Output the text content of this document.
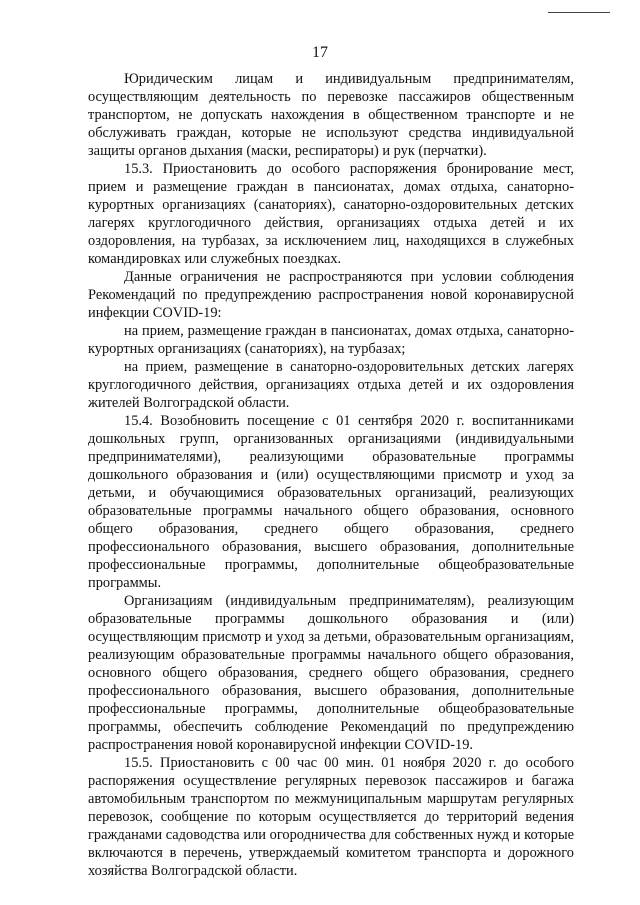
17

Юридическим лицам и индивидуальным предпринимателям, осуществляющим деятельность по перевозке пассажиров общественным транспортом, не допускать нахождения в общественном транспорте и не обслуживать граждан, которые не используют средства индивидуальной защиты органов дыхания (маски, респираторы) и рук (перчатки).

15.3. Приостановить до особого распоряжения бронирование мест, прием и размещение граждан в пансионатах, домах отдыха, санаторно-курортных организациях (санаториях), санаторно-оздоровительных детских лагерях круглогодичного действия, организациях отдыха детей и их оздоровления, на турбазах, за исключением лиц, находящихся в служебных командировках или служебных поездках.

Данные ограничения не распространяются при условии соблюдения Рекомендаций по предупреждению распространения новой коронавирусной инфекции COVID-19:

на прием, размещение граждан в пансионатах, домах отдыха, санаторно-курортных организациях (санаториях), на турбазах;

на прием, размещение в санаторно-оздоровительных детских лагерях круглогодичного действия, организациях отдыха детей и их оздоровления жителей Волгоградской области.

15.4. Возобновить посещение с 01 сентября 2020 г. воспитанниками дошкольных групп, организованных организациями (индивидуальными предпринимателями), реализующими образовательные программы дошкольного образования и (или) осуществляющими присмотр и уход за детьми, и обучающимися образовательных организаций, реализующих образовательные программы начального общего образования, основного общего образования, среднего общего образования, среднего профессионального образования, высшего образования, дополнительные профессиональные программы, дополнительные общеобразовательные программы.

Организациям (индивидуальным предпринимателям), реализующим образовательные программы дошкольного образования и (или) осуществляющим присмотр и уход за детьми, образовательным организациям, реализующим образовательные программы начального общего образования, основного общего образования, среднего общего образования, среднего профессионального образования, высшего образования, дополнительные профессиональные программы, дополнительные общеобразовательные программы, обеспечить соблюдение Рекомендаций по предупреждению распространения новой коронавирусной инфекции COVID-19.

15.5. Приостановить с 00 час 00 мин. 01 ноября 2020 г. до особого распоряжения осуществление регулярных перевозок пассажиров и багажа автомобильным транспортом по межмуниципальным маршрутам регулярных перевозок, сообщение по которым осуществляется до территорий ведения гражданами садоводства или огородничества для собственных нужд и которые включаются в перечень, утверждаемый комитетом транспорта и дорожного хозяйства Волгоградской области.
